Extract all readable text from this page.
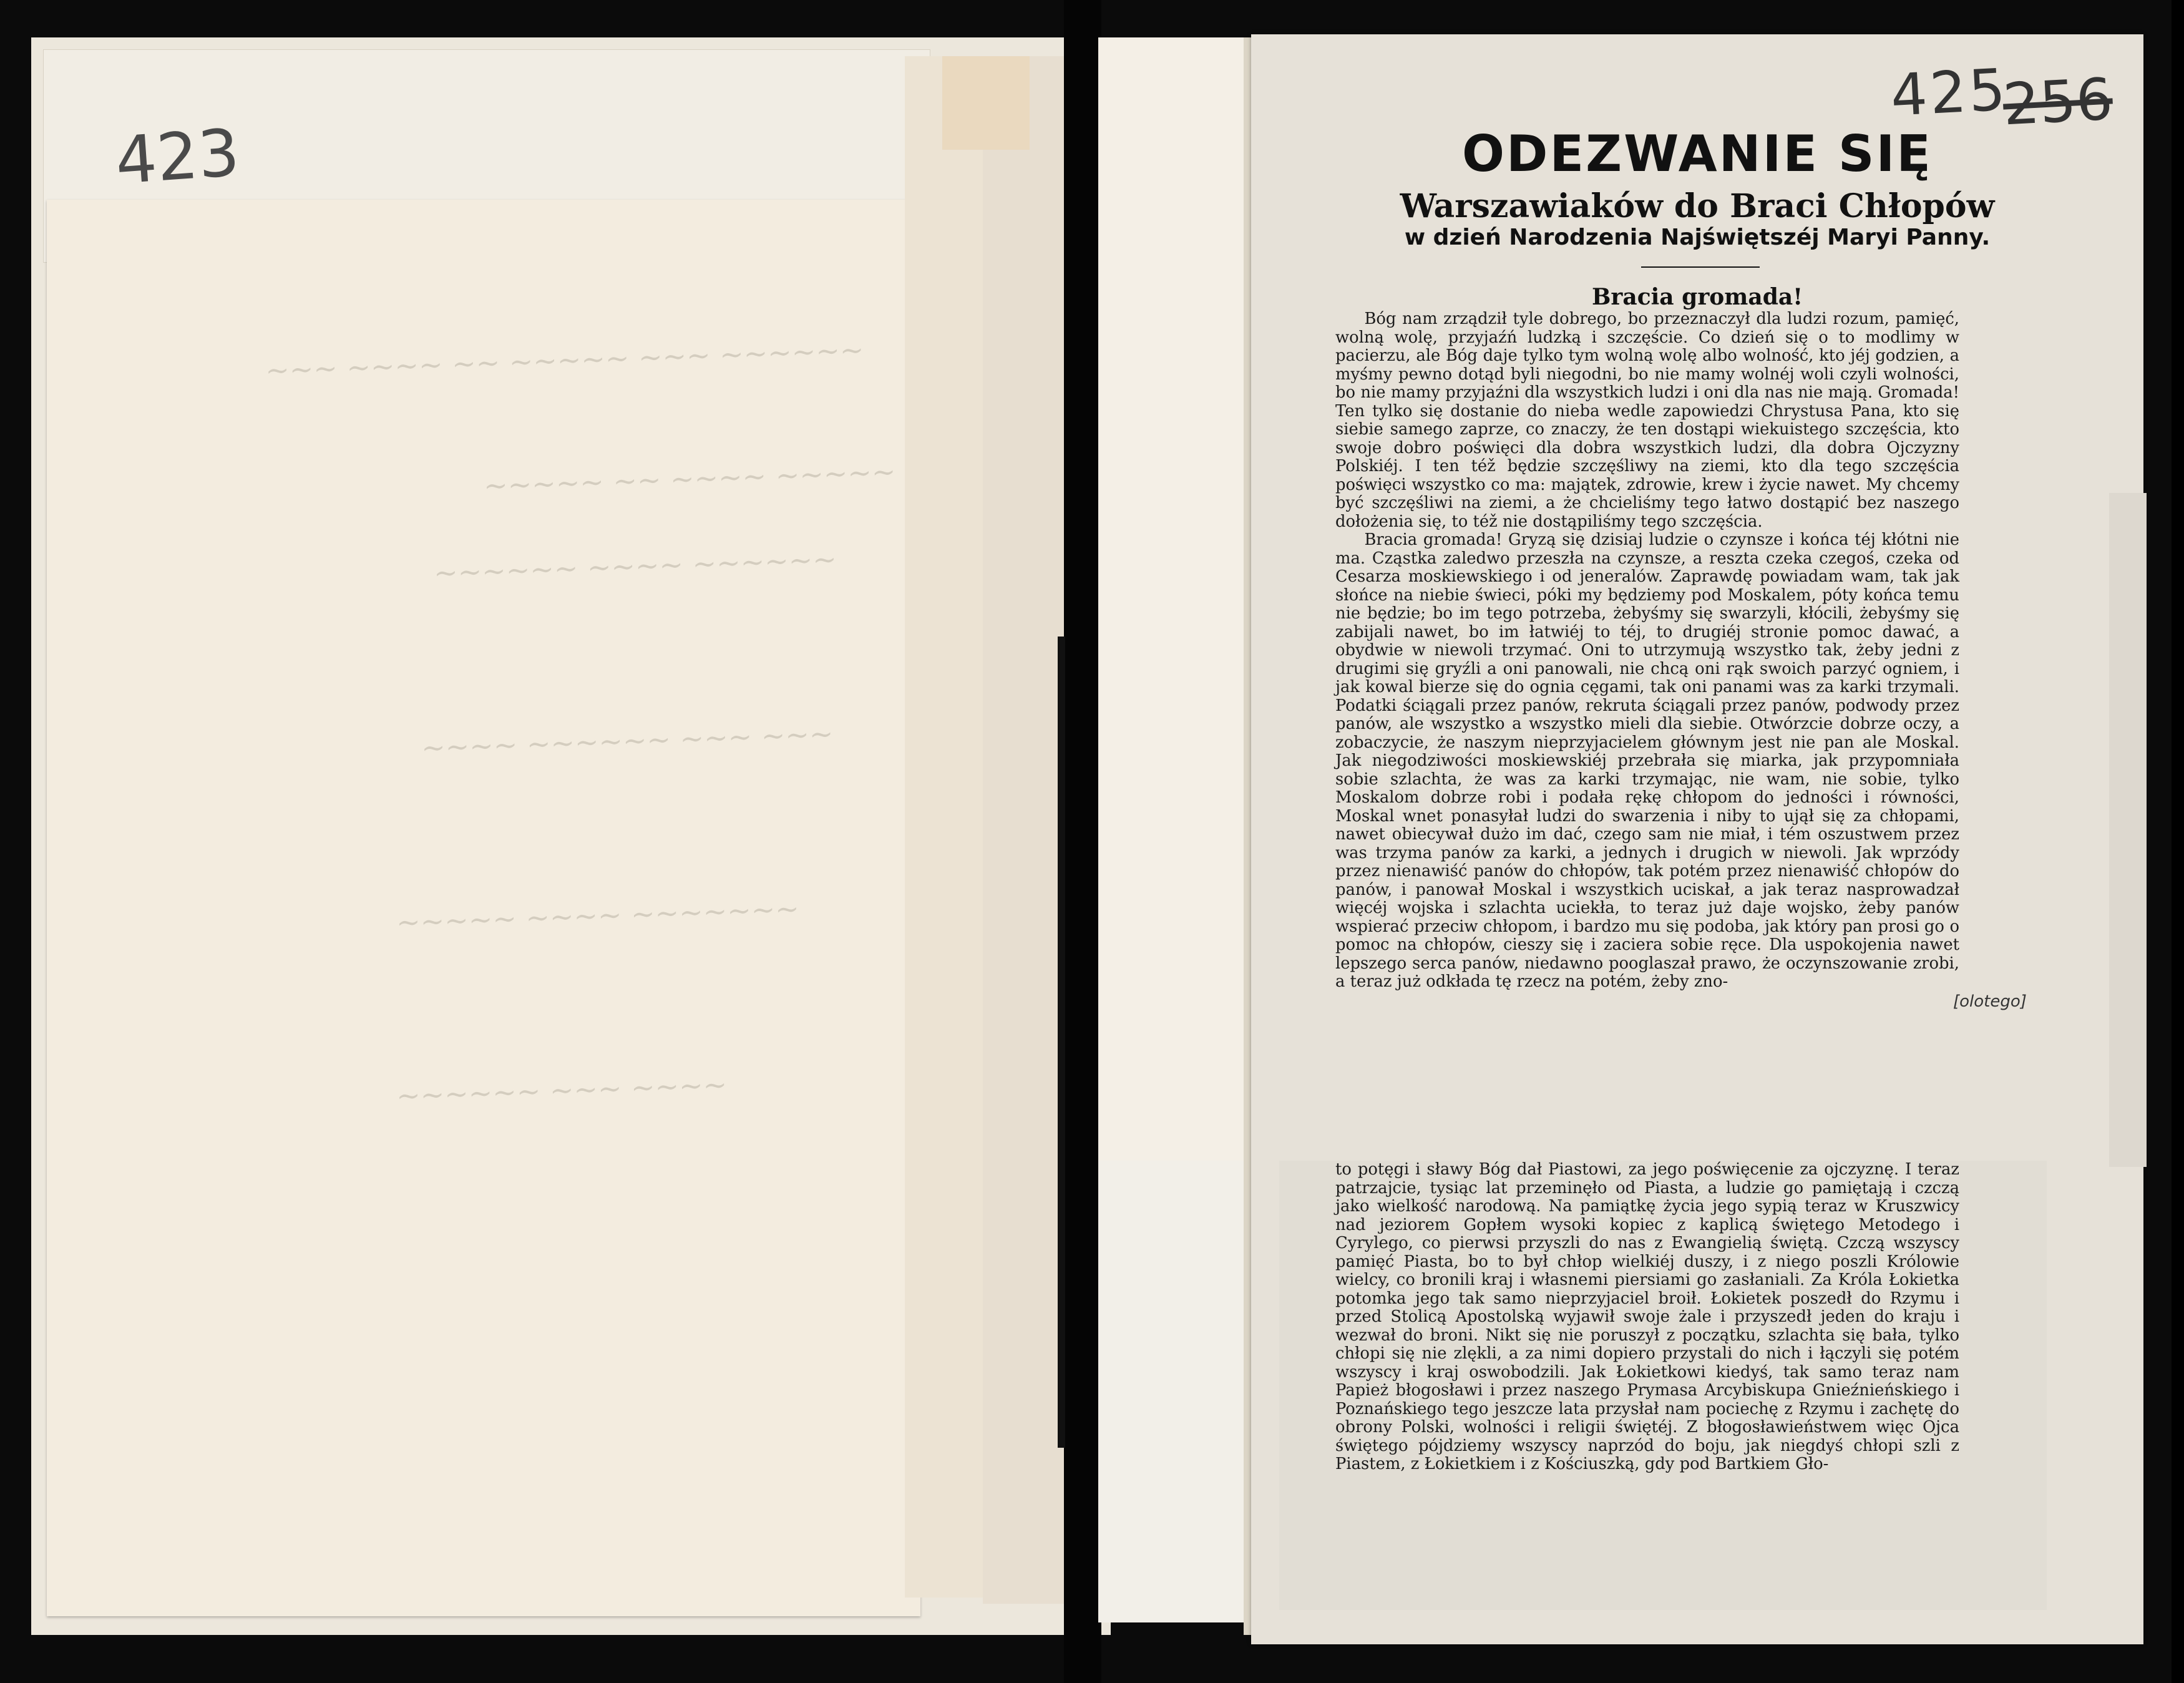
~~~ ~~~~ ~~ ~~~~~ ~~~ ~~~~~~
~~~~~ ~~ ~~~~ ~~~~~
~~~~~~ ~~~~ ~~~~~~
~~~~ ~~~~~~ ~~~ ~~~
~~~~~ ~~~~ ~~~~~~~
~~~~~~ ~~~ ~~~~
423
425
256
ODEZWANIE SIĘ
Warszawiaków do Braci Chłopów
w dzień Narodzenia Najświętszéj Maryi Panny.
Bracia gromada!

Bóg nam zrządził tyle dobrego, bo przeznaczył dla ludzi rozum, pamięć, wolną wolę, przyjaźń ludzką i szczęście. Co dzień się o to modlimy w pacierzu, ale Bóg daje tylko tym wolną wolę albo wolność, kto jéj godzien, a myśmy pewno dotąd byli niegodni, bo nie mamy wolnéj woli czyli wolności, bo nie mamy przyjaźni dla wszystkich ludzi i oni dla nas nie mają. Gromada! Ten tylko się dostanie do nieba wedle zapowiedzi Chrystusa Pana, kto się siebie samego zaprze, co znaczy, że ten dostąpi wiekuistego szczęścia, kto swoje dobro poświęci dla dobra wszystkich ludzi, dla dobra Ojczyzny Polskiéj. I ten též będzie szczęśliwy na ziemi, kto dla tego szczęścia poświęci wszystko co ma: majątek, zdrowie, krew i życie nawet. My chcemy być szczęśliwi na ziemi, a że chcieliśmy tego łatwo dostąpić bez naszego dołożenia się, to též nie dostąpiliśmy tego szczęścia.

Bracia gromada! Gryzą się dzisiaj ludzie o czynsze i końca téj kłótni nie ma. Cząstka zaledwo przeszła na czynsze, a reszta czeka czegoś, czeka od Cesarza moskiewskiego i od jeneralów. Zaprawdę powiadam wam, tak jak słońce na niebie świeci, póki my będziemy pod Moskalem, póty końca temu nie będzie; bo im tego potrzeba, żebyśmy się swarzyli, kłócili, żebyśmy się zabijali nawet, bo im łatwiéj to téj, to drugiéj stronie pomoc dawać, a obydwie w niewoli trzymać. Oni to utrzymują wszystko tak, żeby jedni z drugimi się gryźli a oni panowali, nie chcą oni rąk swoich parzyć ogniem, i jak kowal bierze się do ognia cęgami, tak oni panami was za karki trzymali. Podatki ściągali przez panów, rekruta ściągali przez panów, podwody przez panów, ale wszystko a wszystko mieli dla siebie. Otwórzcie dobrze oczy, a zobaczycie, że naszym nieprzyjacielem głównym jest nie pan ale Moskal. Jak niegodziwości moskiewskiéj przebrała się miarka, jak przypomniała sobie szlachta, że was za karki trzymając, nie wam, nie sobie, tylko Moskalom dobrze robi i podała rękę chłopom do jedności i równości, Moskal wnet ponasyłał ludzi do swarzenia i niby to ujął się za chłopami, nawet obiecywał dużo im dać, czego sam nie miał, i tém oszustwem przez was trzyma panów za karki, a jednych i drugich w niewoli. Jak wprzódy przez nienawiść panów do chłopów, tak potém przez nienawiść chłopów do panów, i panował Moskal i wszystkich uciskał, a jak teraz nasprowadzał więcéj wojska i szlachta uciekła, to teraz już daje wojsko, żeby panów wspierać przeciw chłopom, i bardzo mu się podoba, jak który pan prosi go o pomoc na chłopów, cieszy się i zaciera sobie ręce. Dla uspokojenia nawet lepszego serca panów, niedawno pooglaszał prawo, że oczynszowanie zrobi, a teraz już odkłada tę rzecz na potém, żeby zno-

[olotego]

to potęgi i sławy Bóg dał Piastowi, za jego poświęcenie za ojczyznę. I teraz patrzajcie, tysiąc lat przeminęło od Piasta, a ludzie go pamiętają i czczą jako wielkość narodową. Na pamiątkę życia jego sypią teraz w Kruszwicy nad jeziorem Gopłem wysoki kopiec z kaplicą świętego Metodego i Cyrylego, co pierwsi przyszli do nas z Ewangielią świętą. Czczą wszyscy pamięć Piasta, bo to był chłop wielkiéj duszy, i z niego poszli Królowie wielcy, co bronili kraj i własnemi piersiami go zasłaniali. Za Króla Łokietka potomka jego tak samo nieprzyjaciel broił. Łokietek poszedł do Rzymu i przed Stolicą Apostolską wyjawił swoje żale i przyszedł jeden do kraju i wezwał do broni. Nikt się nie poruszył z początku, szlachta się bała, tylko chłopi się nie zlękli, a za nimi dopiero przystali do nich i łączyli się potém wszyscy i kraj oswobodzili. Jak Łokietkowi kiedyś, tak samo teraz nam Papież błogosławi i przez naszego Prymasa Arcybiskupa Gnieźnieńskiego i Poznańskiego tego jeszcze lata przysłał nam pociechę z Rzymu i zachętę do obrony Polski, wolności i religii świętéj. Z błogosławieństwem więc Ojca świętego pójdziemy wszyscy naprzód do boju, jak niegdyś chłopi szli z Piastem, z Łokietkiem i z Kościuszką, gdy pod Bartkiem Gło-
